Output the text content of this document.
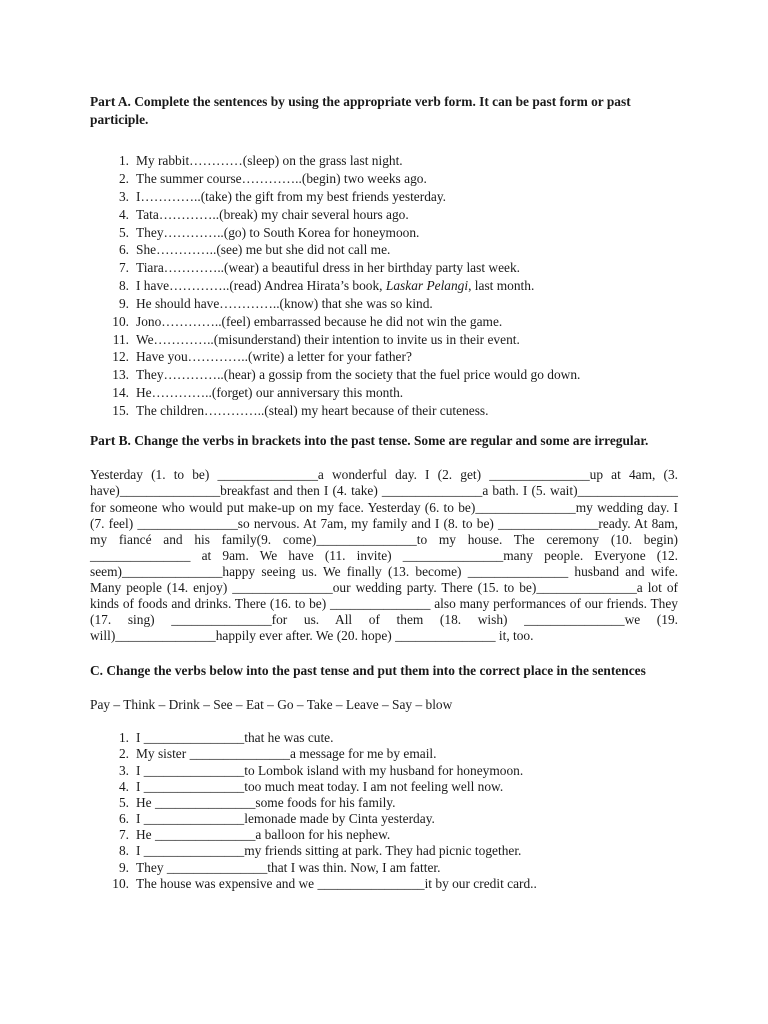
Part A. Complete the sentences by using the appropriate verb form. It can be past form or past participle.

1. My rabbit…………(sleep) on the grass last night.
2. The summer course…………..(begin) two weeks ago.
3. I…………..(take) the gift from my best friends yesterday.
4. Tata…………..(break) my chair several hours ago.
5. They…………..(go) to South Korea for honeymoon.
6. She…………..(see) me but she did not call me.
7. Tiara…………..(wear) a beautiful dress in her birthday party last week.
8. I have…………..(read) Andrea Hirata’s book, Laskar Pelangi, last month.
9. He should have…………..(know) that she was so kind.
10. Jono…………..(feel) embarrassed because he did not win the game.
11. We…………..(misunderstand) their intention to invite us in their event.
12. Have you…………..(write) a letter for your father?
13. They…………..(hear) a gossip from the society that the fuel price would go down.
14. He…………..(forget) our anniversary this month.
15. The children…………..(steal) my heart because of their cuteness.

Part B. Change the verbs in brackets into the past tense. Some are regular and some are irregular.

Yesterday (1. to be) _______________a wonderful day. I (2. get) _______________up at 4am, (3. have)_______________breakfast and then I (4. take) _______________a bath. I (5. wait)_______________ for someone who would put make-up on my face. Yesterday (6. to be)_______________my wedding day. I (7. feel) _______________so nervous. At 7am, my family and I (8. to be) _______________ready. At 8am, my fiancé and his family(9. come)_______________to my house. The ceremony (10. begin) _______________ at 9am. We have (11. invite) _______________many people. Everyone (12. seem)_______________happy seeing us. We finally (13. become) _______________ husband and wife. Many people (14. enjoy) _______________our wedding party. There (15. to be)_______________a lot of kinds of foods and drinks. There (16. to be) _______________ also many performances of our friends. They (17. sing) _______________for us. All of them (18. wish) _______________we (19. will)_______________happily ever after. We (20. hope) _______________ it, too.

C. Change the verbs below into the past tense and put them into the correct place in the sentences

Pay – Think – Drink – See – Eat – Go – Take – Leave – Say – blow

1. I _______________that he was cute.
2. My sister _______________a message for me by email.
3. I _______________to Lombok island with my husband for honeymoon.
4. I _______________too much meat today. I am not feeling well now.
5. He _______________some foods for his family.
6. I _______________lemonade made by Cinta yesterday.
7. He _______________a balloon for his nephew.
8. I _______________my friends sitting at park. They had picnic together.
9. They _______________that I was thin. Now, I am fatter.
10. The house was expensive and we ________________it by our credit card..
